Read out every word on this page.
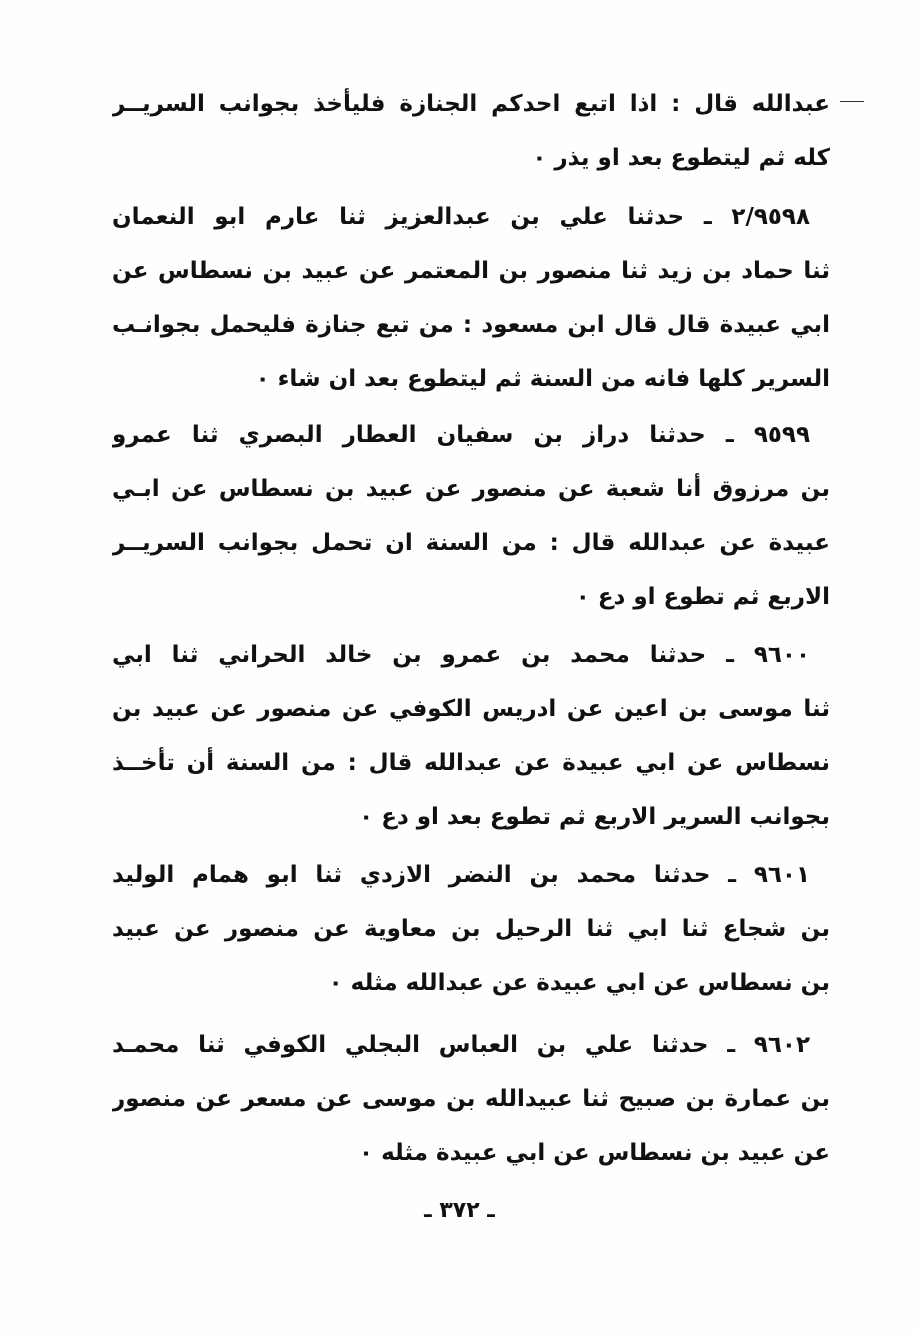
عبدالله قال : اذا اتبع احدكم الجنازة فليأخذ بجوانب السريــر
كله ثم ليتطوع بعد او يذر ٠
٢/٩٥٩٨ ـ حدثنا علي بن عبدالعزيز ثنا عارم ابو النعمان
ثنا حماد بن زيد ثنا منصور بن المعتمر عن عبيد بن نسطاس عن
ابي عبيدة قال قال ابن مسعود : من تبع جنازة فليحمل بجوانـب
السرير كلها فانه من السنة ثم ليتطوع بعد ان شاء ٠
٩٥٩٩ ـ حدثنا دراز بن سفيان العطار البصري ثنا عمرو
بن مرزوق أنا شعبة عن منصور عن عبيد بن نسطاس عن ابـي
عبيدة عن عبدالله قال : من السنة ان تحمل بجوانب السريــر
الاربع ثم تطوع او دع ٠
٩٦٠٠ ـ حدثنا محمد بن عمرو بن خالد الحراني ثنا ابي
ثنا موسى بن اعين عن ادريس الكوفي عن منصور عن عبيد بن
نسطاس عن ابي عبيدة عن عبدالله قال : من السنة أن تأخــذ
بجوانب السرير الاربع ثم تطوع بعد او دع ٠
٩٦٠١ ـ حدثنا محمد بن النضر الازدي ثنا ابو همام الوليد
بن شجاع ثنا ابي ثنا الرحيل بن معاوية عن منصور عن عبيد
بن نسطاس عن ابي عبيدة عن عبدالله مثله ٠
٩٦٠٢ ـ حدثنا علي بن العباس البجلي الكوفي ثنا محمـد
بن عمارة بن صبيح ثنا عبيدالله بن موسى عن مسعر عن منصور
عن عبيد بن نسطاس عن ابي عبيدة مثله ٠
ـ ٣٧٢ ـ
